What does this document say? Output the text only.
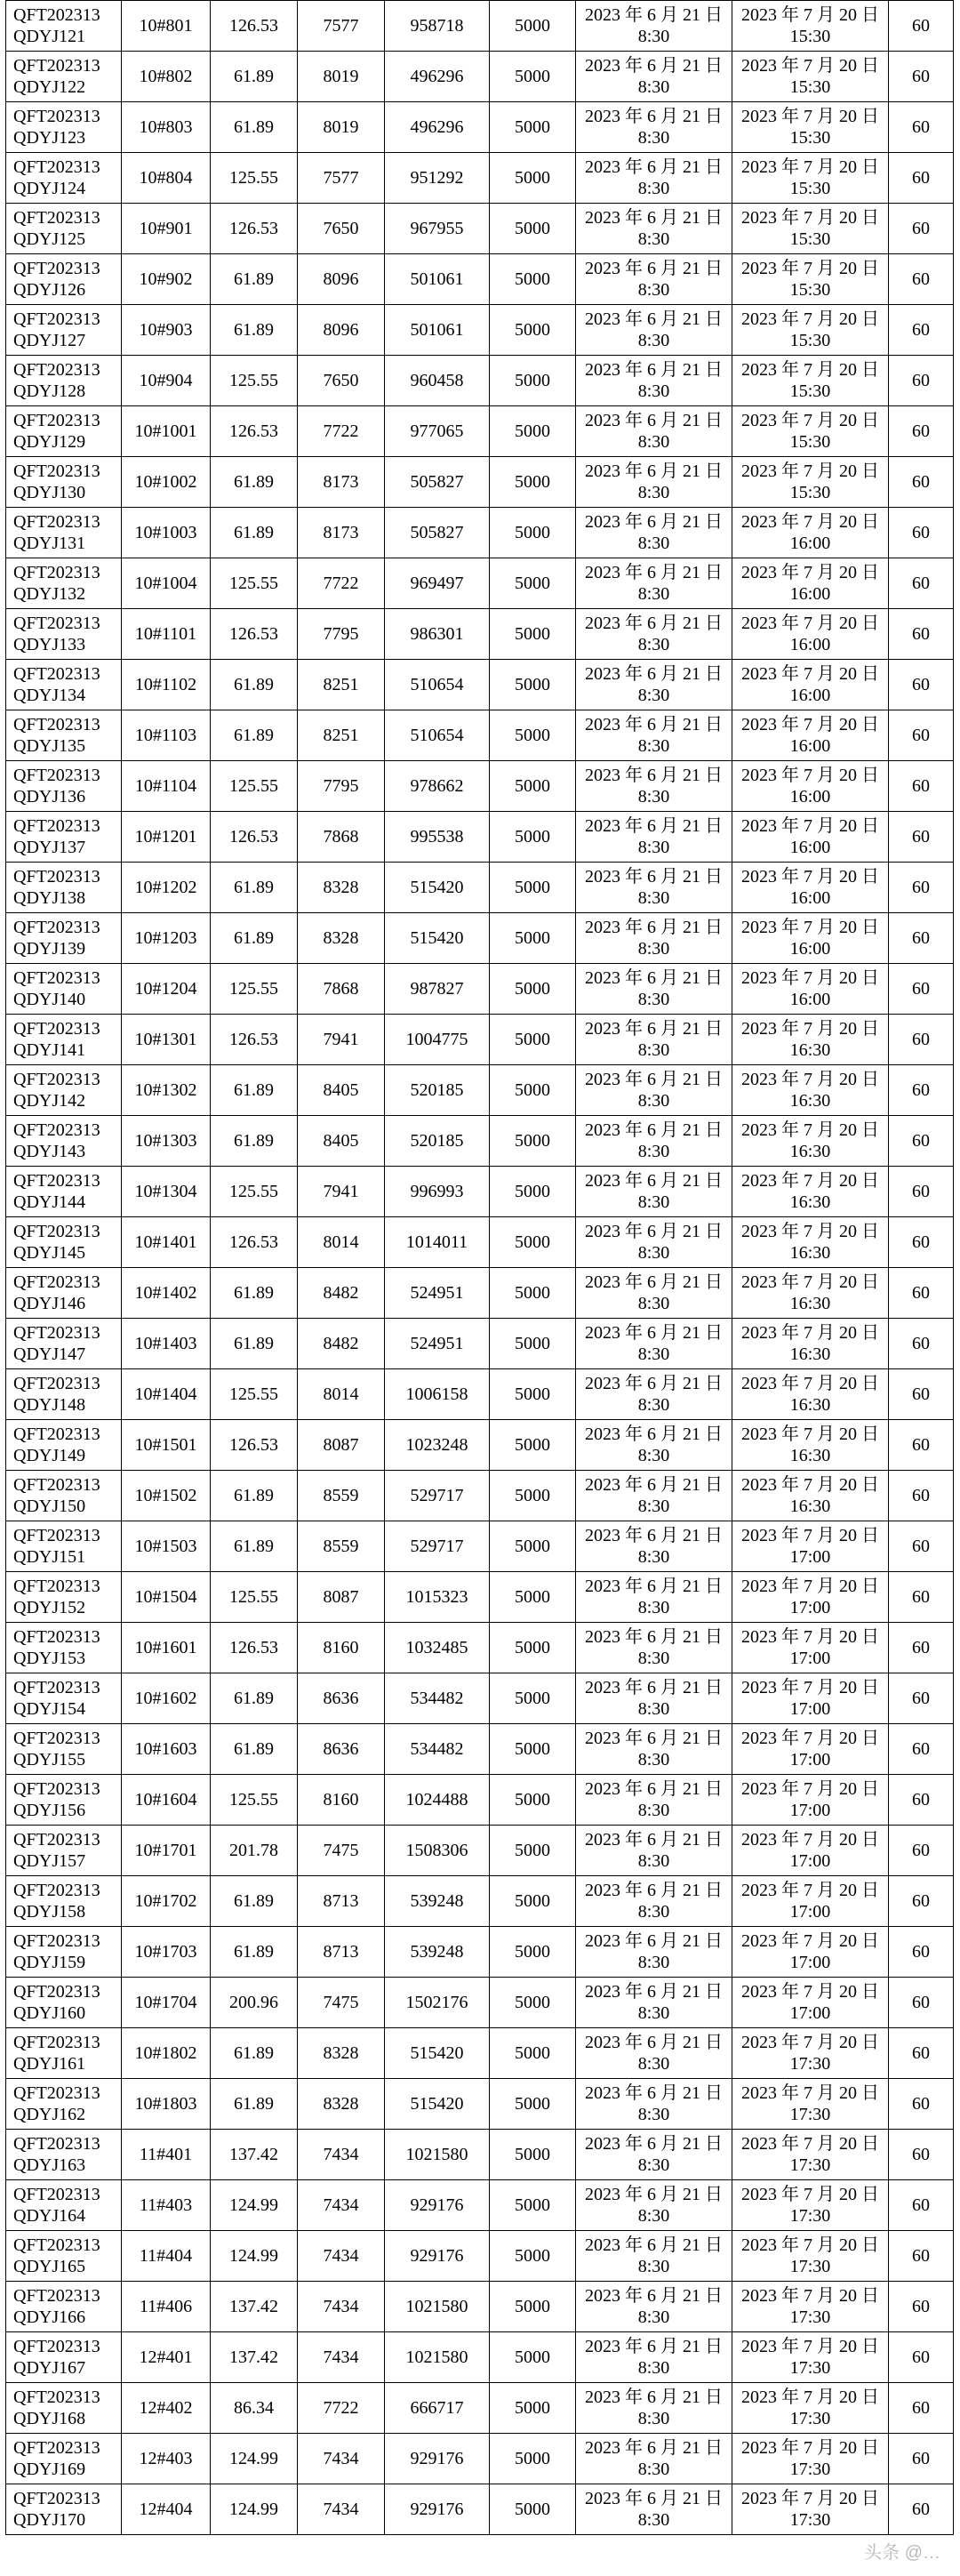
QFT202313
QDYJ121	10#801	126.53	7577	958718	5000	2023 年 6 月 21 日
8:30	2023 年 7 月 20 日
15:30	60

QFT202313
QDYJ122	10#802	61.89	8019	496296	5000	2023 年 6 月 21 日
8:30	2023 年 7 月 20 日
15:30	60

QFT202313
QDYJ123	10#803	61.89	8019	496296	5000	2023 年 6 月 21 日
8:30	2023 年 7 月 20 日
15:30	60

QFT202313
QDYJ124	10#804	125.55	7577	951292	5000	2023 年 6 月 21 日
8:30	2023 年 7 月 20 日
15:30	60

QFT202313
QDYJ125	10#901	126.53	7650	967955	5000	2023 年 6 月 21 日
8:30	2023 年 7 月 20 日
15:30	60

QFT202313
QDYJ126	10#902	61.89	8096	501061	5000	2023 年 6 月 21 日
8:30	2023 年 7 月 20 日
15:30	60

QFT202313
QDYJ127	10#903	61.89	8096	501061	5000	2023 年 6 月 21 日
8:30	2023 年 7 月 20 日
15:30	60

QFT202313
QDYJ128	10#904	125.55	7650	960458	5000	2023 年 6 月 21 日
8:30	2023 年 7 月 20 日
15:30	60

QFT202313
QDYJ129	10#1001	126.53	7722	977065	5000	2023 年 6 月 21 日
8:30	2023 年 7 月 20 日
15:30	60

QFT202313
QDYJ130	10#1002	61.89	8173	505827	5000	2023 年 6 月 21 日
8:30	2023 年 7 月 20 日
15:30	60

QFT202313
QDYJ131	10#1003	61.89	8173	505827	5000	2023 年 6 月 21 日
8:30	2023 年 7 月 20 日
16:00	60

QFT202313
QDYJ132	10#1004	125.55	7722	969497	5000	2023 年 6 月 21 日
8:30	2023 年 7 月 20 日
16:00	60

QFT202313
QDYJ133	10#1101	126.53	7795	986301	5000	2023 年 6 月 21 日
8:30	2023 年 7 月 20 日
16:00	60

QFT202313
QDYJ134	10#1102	61.89	8251	510654	5000	2023 年 6 月 21 日
8:30	2023 年 7 月 20 日
16:00	60

QFT202313
QDYJ135	10#1103	61.89	8251	510654	5000	2023 年 6 月 21 日
8:30	2023 年 7 月 20 日
16:00	60

QFT202313
QDYJ136	10#1104	125.55	7795	978662	5000	2023 年 6 月 21 日
8:30	2023 年 7 月 20 日
16:00	60

QFT202313
QDYJ137	10#1201	126.53	7868	995538	5000	2023 年 6 月 21 日
8:30	2023 年 7 月 20 日
16:00	60

QFT202313
QDYJ138	10#1202	61.89	8328	515420	5000	2023 年 6 月 21 日
8:30	2023 年 7 月 20 日
16:00	60

QFT202313
QDYJ139	10#1203	61.89	8328	515420	5000	2023 年 6 月 21 日
8:30	2023 年 7 月 20 日
16:00	60

QFT202313
QDYJ140	10#1204	125.55	7868	987827	5000	2023 年 6 月 21 日
8:30	2023 年 7 月 20 日
16:00	60

QFT202313
QDYJ141	10#1301	126.53	7941	1004775	5000	2023 年 6 月 21 日
8:30	2023 年 7 月 20 日
16:30	60

QFT202313
QDYJ142	10#1302	61.89	8405	520185	5000	2023 年 6 月 21 日
8:30	2023 年 7 月 20 日
16:30	60

QFT202313
QDYJ143	10#1303	61.89	8405	520185	5000	2023 年 6 月 21 日
8:30	2023 年 7 月 20 日
16:30	60

QFT202313
QDYJ144	10#1304	125.55	7941	996993	5000	2023 年 6 月 21 日
8:30	2023 年 7 月 20 日
16:30	60

QFT202313
QDYJ145	10#1401	126.53	8014	1014011	5000	2023 年 6 月 21 日
8:30	2023 年 7 月 20 日
16:30	60

QFT202313
QDYJ146	10#1402	61.89	8482	524951	5000	2023 年 6 月 21 日
8:30	2023 年 7 月 20 日
16:30	60

QFT202313
QDYJ147	10#1403	61.89	8482	524951	5000	2023 年 6 月 21 日
8:30	2023 年 7 月 20 日
16:30	60

QFT202313
QDYJ148	10#1404	125.55	8014	1006158	5000	2023 年 6 月 21 日
8:30	2023 年 7 月 20 日
16:30	60

QFT202313
QDYJ149	10#1501	126.53	8087	1023248	5000	2023 年 6 月 21 日
8:30	2023 年 7 月 20 日
16:30	60

QFT202313
QDYJ150	10#1502	61.89	8559	529717	5000	2023 年 6 月 21 日
8:30	2023 年 7 月 20 日
16:30	60

QFT202313
QDYJ151	10#1503	61.89	8559	529717	5000	2023 年 6 月 21 日
8:30	2023 年 7 月 20 日
17:00	60

QFT202313
QDYJ152	10#1504	125.55	8087	1015323	5000	2023 年 6 月 21 日
8:30	2023 年 7 月 20 日
17:00	60

QFT202313
QDYJ153	10#1601	126.53	8160	1032485	5000	2023 年 6 月 21 日
8:30	2023 年 7 月 20 日
17:00	60

QFT202313
QDYJ154	10#1602	61.89	8636	534482	5000	2023 年 6 月 21 日
8:30	2023 年 7 月 20 日
17:00	60

QFT202313
QDYJ155	10#1603	61.89	8636	534482	5000	2023 年 6 月 21 日
8:30	2023 年 7 月 20 日
17:00	60

QFT202313
QDYJ156	10#1604	125.55	8160	1024488	5000	2023 年 6 月 21 日
8:30	2023 年 7 月 20 日
17:00	60

QFT202313
QDYJ157	10#1701	201.78	7475	1508306	5000	2023 年 6 月 21 日
8:30	2023 年 7 月 20 日
17:00	60

QFT202313
QDYJ158	10#1702	61.89	8713	539248	5000	2023 年 6 月 21 日
8:30	2023 年 7 月 20 日
17:00	60

QFT202313
QDYJ159	10#1703	61.89	8713	539248	5000	2023 年 6 月 21 日
8:30	2023 年 7 月 20 日
17:00	60

QFT202313
QDYJ160	10#1704	200.96	7475	1502176	5000	2023 年 6 月 21 日
8:30	2023 年 7 月 20 日
17:00	60

QFT202313
QDYJ161	10#1802	61.89	8328	515420	5000	2023 年 6 月 21 日
8:30	2023 年 7 月 20 日
17:30	60

QFT202313
QDYJ162	10#1803	61.89	8328	515420	5000	2023 年 6 月 21 日
8:30	2023 年 7 月 20 日
17:30	60

QFT202313
QDYJ163	11#401	137.42	7434	1021580	5000	2023 年 6 月 21 日
8:30	2023 年 7 月 20 日
17:30	60

QFT202313
QDYJ164	11#403	124.99	7434	929176	5000	2023 年 6 月 21 日
8:30	2023 年 7 月 20 日
17:30	60

QFT202313
QDYJ165	11#404	124.99	7434	929176	5000	2023 年 6 月 21 日
8:30	2023 年 7 月 20 日
17:30	60

QFT202313
QDYJ166	11#406	137.42	7434	1021580	5000	2023 年 6 月 21 日
8:30	2023 年 7 月 20 日
17:30	60

QFT202313
QDYJ167	12#401	137.42	7434	1021580	5000	2023 年 6 月 21 日
8:30	2023 年 7 月 20 日
17:30	60

QFT202313
QDYJ168	12#402	86.34	7722	666717	5000	2023 年 6 月 21 日
8:30	2023 年 7 月 20 日
17:30	60

QFT202313
QDYJ169	12#403	124.99	7434	929176	5000	2023 年 6 月 21 日
8:30	2023 年 7 月 20 日
17:30	60

QFT202313
QDYJ170	12#404	124.99	7434	929176	5000	2023 年 6 月 21 日
8:30	2023 年 7 月 20 日
17:30	60
头条 @…
